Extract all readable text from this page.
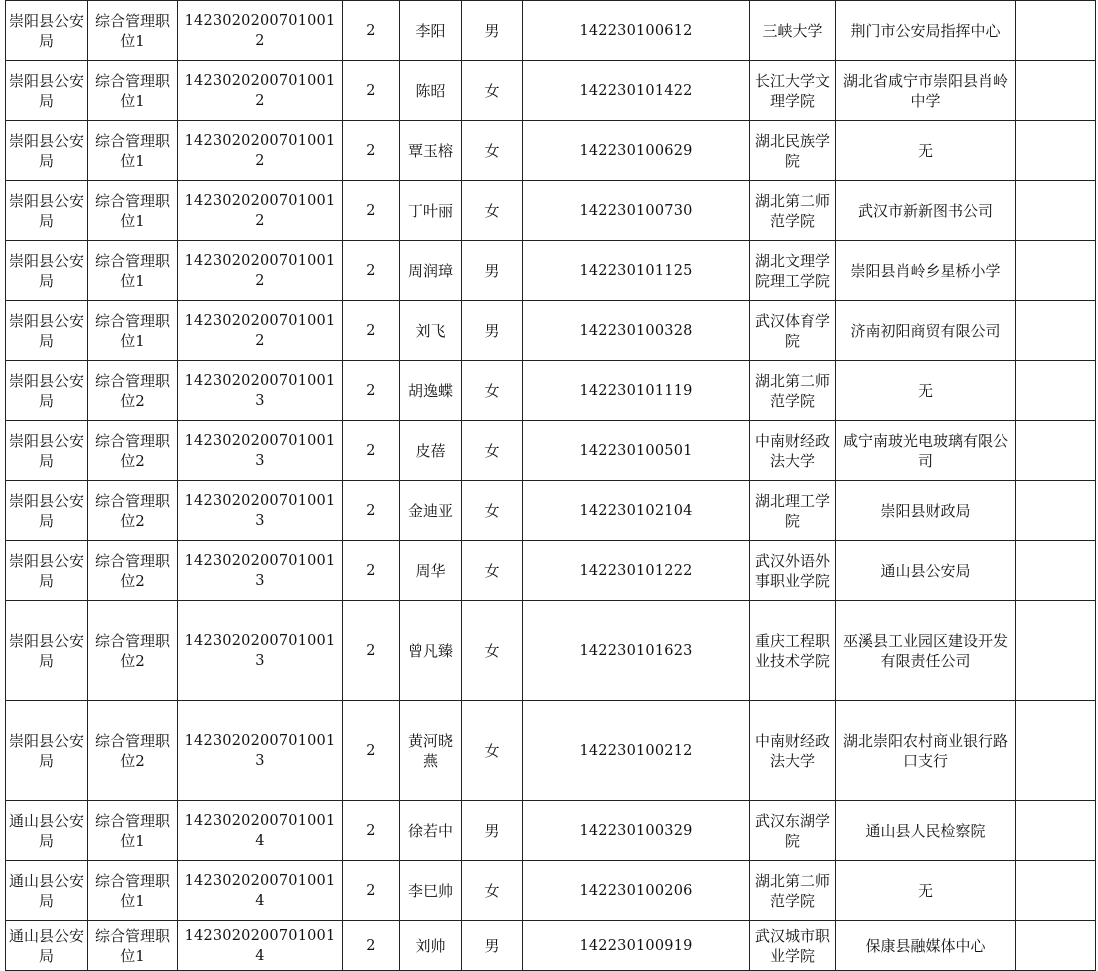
崇阳县公安局	综合管理职位1	14230202007010012	2	李阳	男	142230100612	三峡大学	荆门市公安局指挥中心	
崇阳县公安局	综合管理职位1	14230202007010012	2	陈昭	女	142230101422	长江大学文理学院	湖北省咸宁市崇阳县肖岭中学	
崇阳县公安局	综合管理职位1	14230202007010012	2	覃玉榕	女	142230100629	湖北民族学院	无	
崇阳县公安局	综合管理职位1	14230202007010012	2	丁叶丽	女	142230100730	湖北第二师范学院	武汉市新新图书公司	
崇阳县公安局	综合管理职位1	14230202007010012	2	周润璋	男	142230101125	湖北文理学院理工学院	崇阳县肖岭乡星桥小学	
崇阳县公安局	综合管理职位1	14230202007010012	2	刘飞	男	142230100328	武汉体育学院	济南初阳商贸有限公司	
崇阳县公安局	综合管理职位2	14230202007010013	2	胡逸蝶	女	142230101119	湖北第二师范学院	无	
崇阳县公安局	综合管理职位2	14230202007010013	2	皮蓓	女	142230100501	中南财经政法大学	咸宁南玻光电玻璃有限公司	
崇阳县公安局	综合管理职位2	14230202007010013	2	金迪亚	女	142230102104	湖北理工学院	崇阳县财政局	
崇阳县公安局	综合管理职位2	14230202007010013	2	周华	女	142230101222	武汉外语外事职业学院	通山县公安局	
崇阳县公安局	综合管理职位2	14230202007010013	2	曾凡臻	女	142230101623	重庆工程职业技术学院	巫溪县工业园区建设开发有限责任公司	
崇阳县公安局	综合管理职位2	14230202007010013	2	黄河晓燕	女	142230100212	中南财经政法大学	湖北崇阳农村商业银行路口支行	
通山县公安局	综合管理职位1	14230202007010014	2	徐若中	男	142230100329	武汉东湖学院	通山县人民检察院	
通山县公安局	综合管理职位1	14230202007010014	2	李巳帅	女	142230100206	湖北第二师范学院	无	
通山县公安局	综合管理职位1	14230202007010014	2	刘帅	男	142230100919	武汉城市职业学院	保康县融媒体中心	
